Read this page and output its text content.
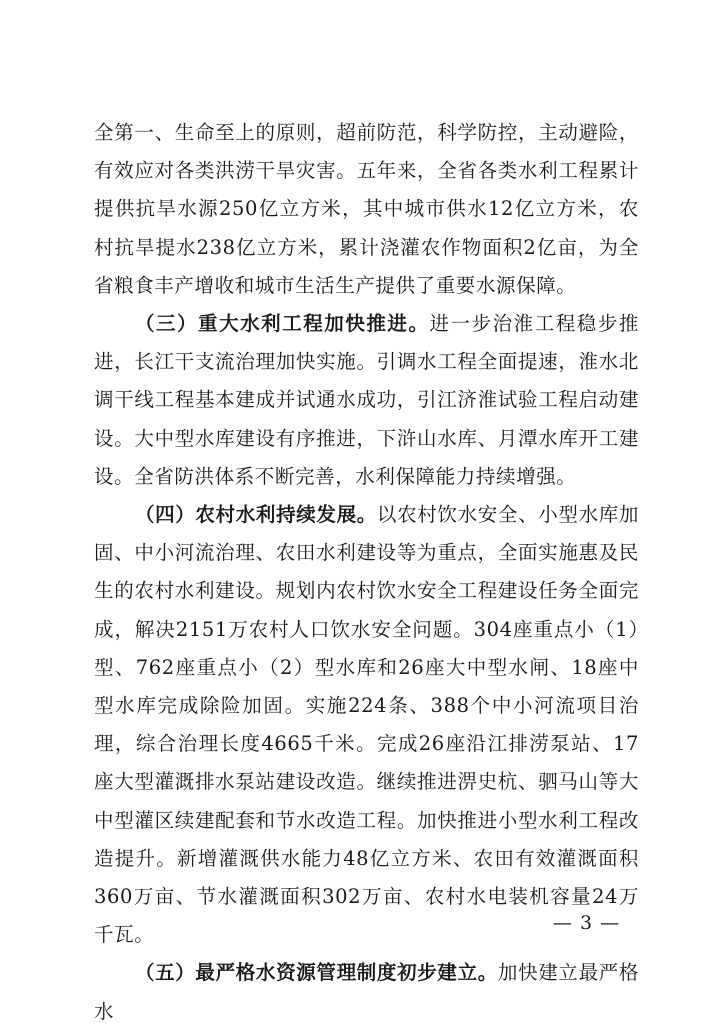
全第一、生命至上的原则，超前防范，科学防控，主动避险，有效应对各类洪涝干旱灾害。五年来，全省各类水利工程累计提供抗旱水源250亿立方米，其中城市供水12亿立方米，农村抗旱提水238亿立方米，累计浇灌农作物面积2亿亩，为全省粮食丰产增收和城市生活生产提供了重要水源保障。

（三）重大水利工程加快推进。进一步治淮工程稳步推进，长江干支流治理加快实施。引调水工程全面提速，淮水北调干线工程基本建成并试通水成功，引江济淮试验工程启动建设。大中型水库建设有序推进，下浒山水库、月潭水库开工建设。全省防洪体系不断完善，水利保障能力持续增强。

（四）农村水利持续发展。以农村饮水安全、小型水库加固、中小河流治理、农田水利建设等为重点，全面实施惠及民生的农村水利建设。规划内农村饮水安全工程建设任务全面完成，解决2151万农村人口饮水安全问题。304座重点小（1）型、762座重点小（2）型水库和26座大中型水闸、18座中型水库完成除险加固。实施224条、388个中小河流项目治理，综合治理长度4665千米。完成26座沿江排涝泵站、17座大型灌溉排水泵站建设改造。继续推进淠史杭、驷马山等大中型灌区续建配套和节水改造工程。加快推进小型水利工程改造提升。新增灌溉供水能力48亿立方米、农田有效灌溉面积360万亩、节水灌溉面积302万亩、农村水电装机容量24万千瓦。

（五）最严格水资源管理制度初步建立。加快建立最严格水

— 3 —
